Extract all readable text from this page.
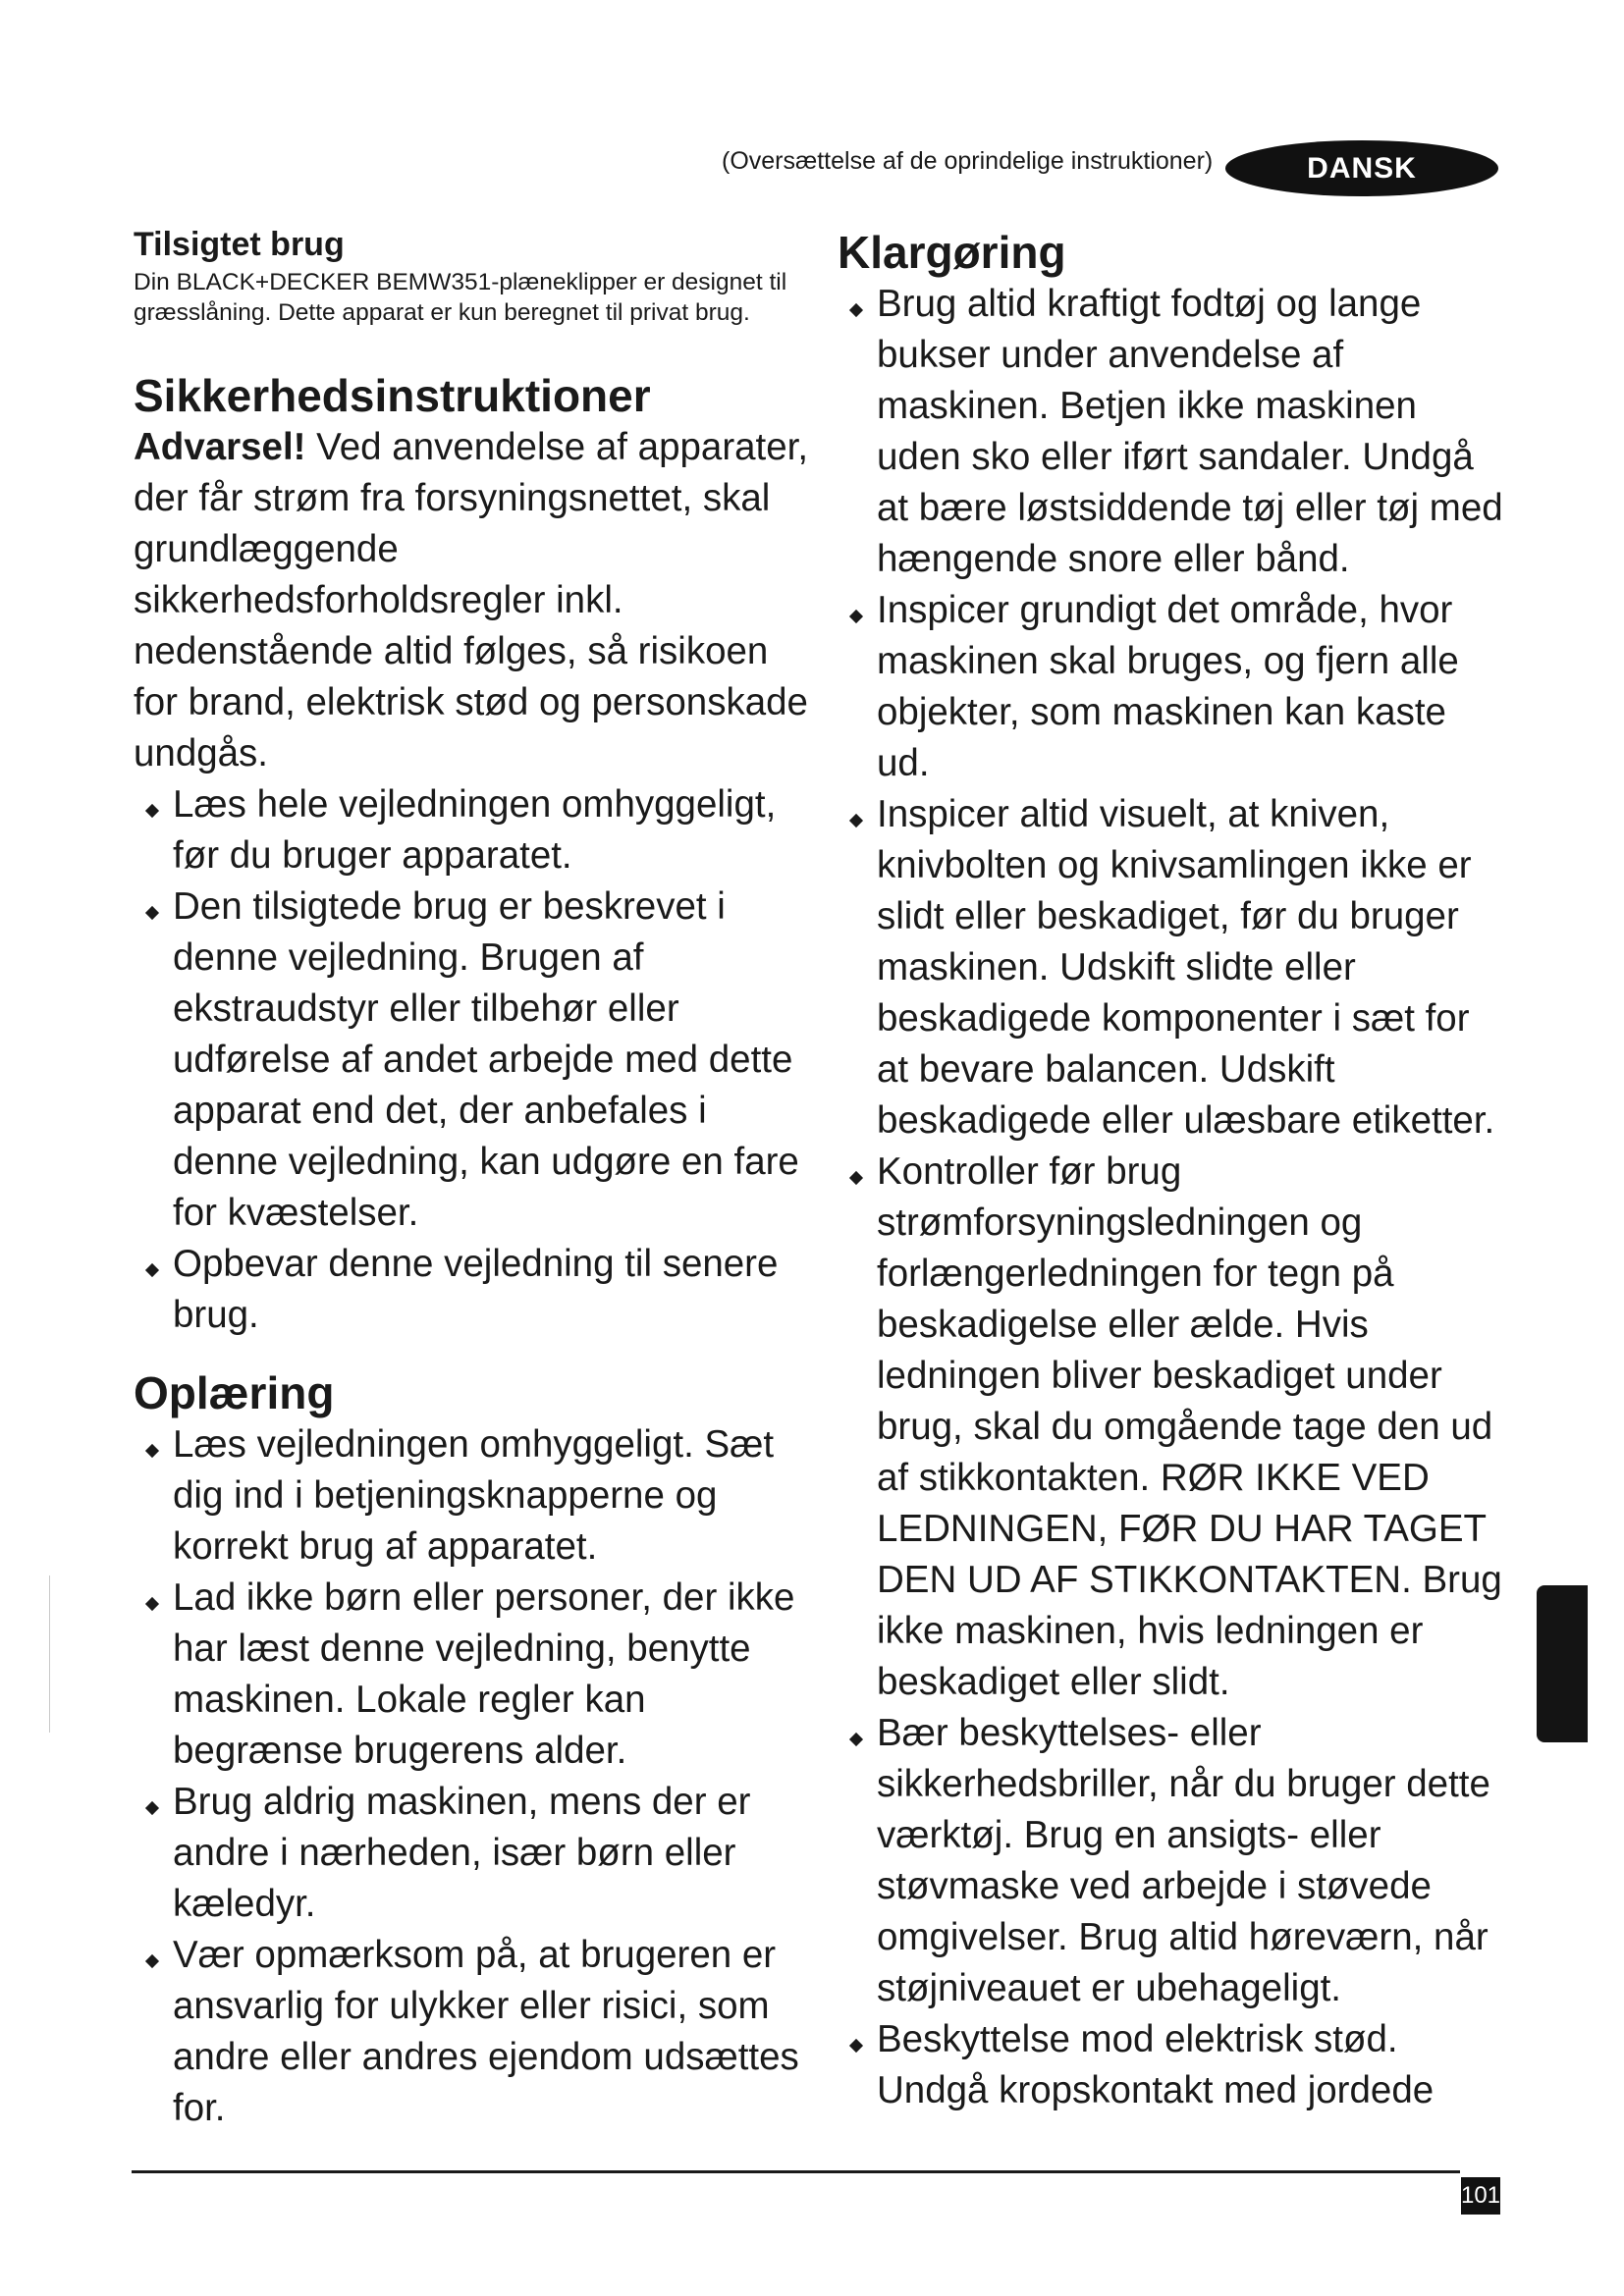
(Oversættelse af de oprindelige instruktioner)	DANSK
Tilsigtet brug

Din BLACK+DECKER BEMW351-plæneklipper er designet til græsslåning. Dette apparat er kun beregnet til privat brug.

Sikkerhedsinstruktioner

Advarsel! Ved anvendelse af apparater, der får strøm fra forsyningsnettet, skal grundlæggende sikkerhedsforholdsregler inkl. nedenstående altid følges, så risikoen for brand, elektrisk stød og personskade undgås.

Læs hele vejledningen omhyggeligt, før du bruger apparatet.
Den tilsigtede brug er beskrevet i denne vejledning. Brugen af ekstraudstyr eller tilbehør eller udførelse af andet arbejde med dette apparat end det, der anbefales i denne vejledning, kan udgøre en fare for kvæstelser.
Opbevar denne vejledning til senere brug.
Oplæring
Læs vejledningen omhyggeligt. Sæt dig ind i betjeningsknapperne og korrekt brug af apparatet.
Lad ikke børn eller personer, der ikke har læst denne vejledning, benytte maskinen. Lokale regler kan begrænse brugerens alder.
Brug aldrig maskinen, mens der er andre i nærheden, især børn eller kæledyr.
Vær opmærksom på, at brugeren er ansvarlig for ulykker eller risici, som andre eller andres ejendom udsættes for.
Klargøring
Brug altid kraftigt fodtøj og lange bukser under anvendelse af maskinen. Betjen ikke maskinen uden sko eller iført sandaler. Undgå at bære løstsiddende tøj eller tøj med hængende snore eller bånd.
Inspicer grundigt det område, hvor maskinen skal bruges, og fjern alle objekter, som maskinen kan kaste ud.
Inspicer altid visuelt, at kniven, knivbolten og knivsamlingen ikke er slidt eller beskadiget, før du bruger maskinen. Udskift slidte eller beskadigede komponenter i sæt for at bevare balancen. Udskift beskadigede eller ulæsbare etiketter.
Kontroller før brug strømforsyningsledningen og forlængerledningen for tegn på beskadigelse eller ælde. Hvis ledningen bliver beskadiget under brug, skal du omgående tage den ud af stikkontakten. RØR IKKE VED LEDNINGEN, FØR DU HAR TAGET DEN UD AF STIKKONTAKTEN. Brug ikke maskinen, hvis ledningen er beskadiget eller slidt.
Bær beskyttelses- eller sikkerhedsbriller, når du bruger dette værktøj. Brug en ansigts- eller støvmaske ved arbejde i støvede omgivelser. Brug altid høreværn, når støjniveauet er ubehageligt.
Beskyttelse mod elektrisk stød. Undgå kropskontakt med jordede
101
